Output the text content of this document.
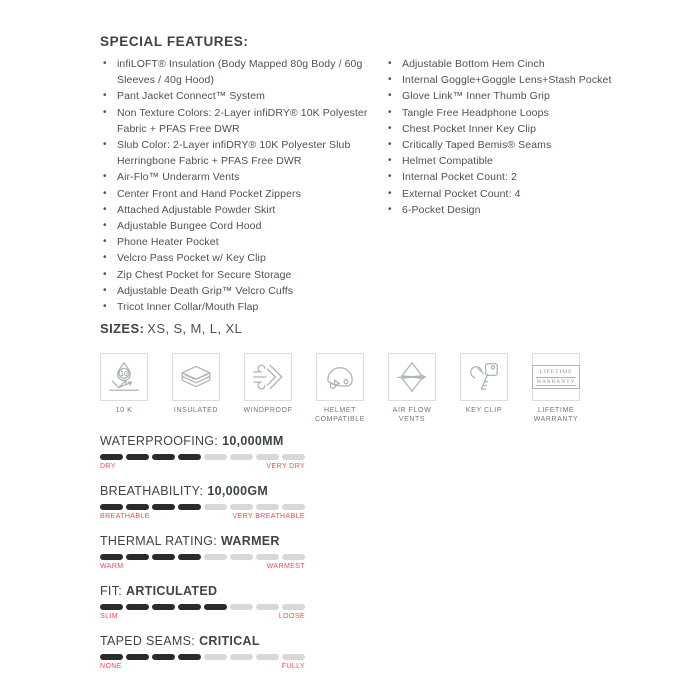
SPECIAL FEATURES:
• infiLOFT® Insulation (Body Mapped 80g Body / 60g Sleeves / 40g Hood)
• Pant Jacket Connect™ System
• Non Texture Colors: 2-Layer infiDRY® 10K Polyester Fabric + PFAS Free DWR
• Slub Color: 2-Layer infiDRY® 10K Polyester Slub Herringbone Fabric + PFAS Free DWR
• Air-Flo™ Underarm Vents
• Center Front and Hand Pocket Zippers
• Attached Adjustable Powder Skirt
• Adjustable Bungee Cord Hood
• Phone Heater Pocket
• Velcro Pass Pocket w/ Key Clip
• Zip Chest Pocket for Secure Storage
• Adjustable Death Grip™ Velcro Cuffs
• Tricot Inner Collar/Mouth Flap
• Adjustable Bottom Hem Cinch
• Internal Goggle+Goggle Lens+Stash Pocket
• Glove Link™ Inner Thumb Grip
• Tangle Free Headphone Loops
• Chest Pocket Inner Key Clip
• Critically Taped Bemis® Seams
• Helmet Compatible
• Internal Pocket Count: 2
• External Pocket Count: 4
• 6-Pocket Design
SIZES: XS, S, M, L, XL
10
10 K	INSULATED	WINDPROOF	HELMET COMPATIBLE
AIR FLOW VENTS
KEY CLIP
LIFETIME
WARRANTY
LIFETIME WARRANTY
WATERPROOFING: 10,000MM
DRY	VERY DRY
BREATHABILITY: 10,000GM
BREATHABLE	VERY BREATHABLE
THERMAL RATING: WARMER
WARM	WARMEST
FIT: ARTICULATED
SLIM	LOOSE
TAPED SEAMS: CRITICAL
NONE	FULLY
